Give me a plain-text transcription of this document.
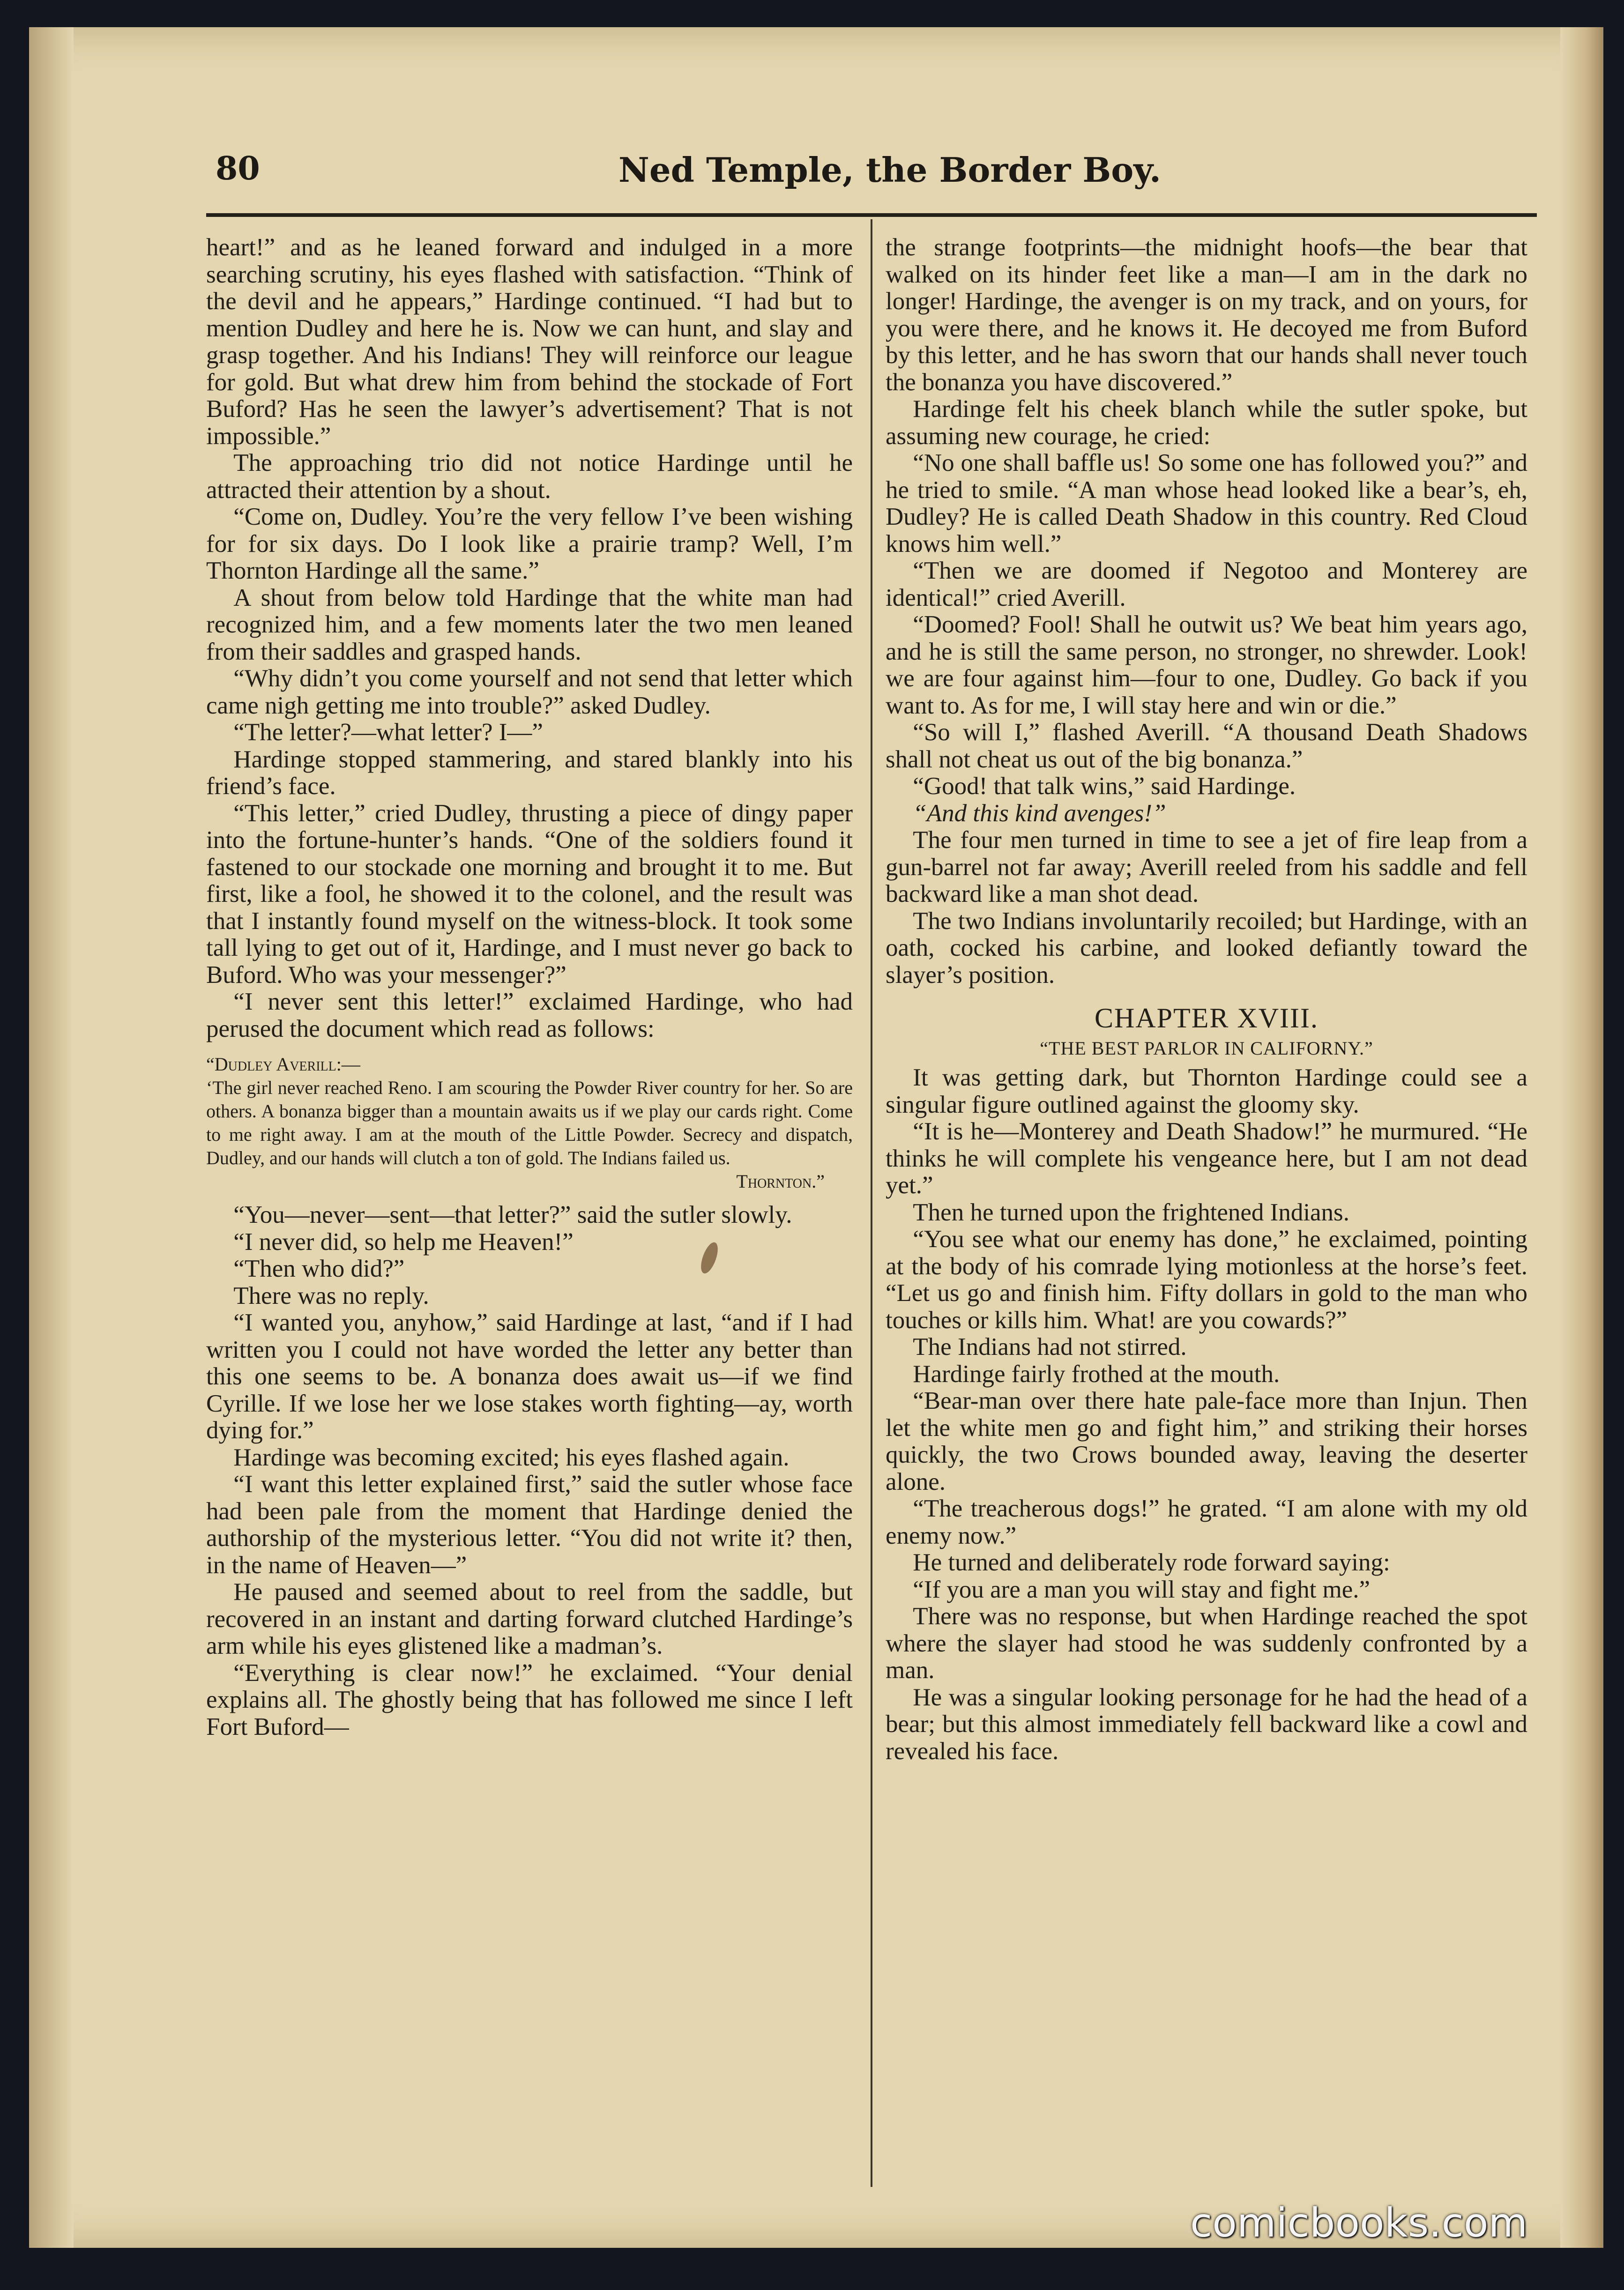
80	Ned Temple, the Border Boy.

heart!” and as he leaned forward and indulged in a more searching scrutiny, his eyes flashed with satisfaction. “Think of the devil and he appears,” Hardinge continued. “I had but to mention Dudley and here he is. Now we can hunt, and slay and grasp together. And his Indians! They will reinforce our league for gold. But what drew him from behind the stockade of Fort Buford? Has he seen the lawyer’s advertisement? That is not impossible.”

The approaching trio did not notice Hardinge until he attracted their attention by a shout.

“Come on, Dudley. You’re the very fellow I’ve been wishing for for six days. Do I look like a prairie tramp? Well, I’m Thornton Hardinge all the same.”

A shout from below told Hardinge that the white man had recognized him, and a few moments later the two men leaned from their saddles and grasped hands.

“Why didn’t you come yourself and not send that letter which came nigh getting me into trouble?” asked Dudley.

“The letter?—what letter? I—”

Hardinge stopped stammering, and stared blankly into his friend’s face.

“This letter,” cried Dudley, thrusting a piece of dingy paper into the fortune-hunter’s hands. “One of the soldiers found it fastened to our stockade one morning and brought it to me. But first, like a fool, he showed it to the colonel, and the result was that I instantly found myself on the witness-block. It took some tall lying to get out of it, Hardinge, and I must never go back to Buford. Who was your messenger?”

“I never sent this letter!” exclaimed Hardinge, who had perused the document which read as follows:

“Dudley Averill:—

‘The girl never reached Reno. I am scouring the Powder River country for her. So are others. A bonanza bigger than a mountain awaits us if we play our cards right. Come to me right away. I am at the mouth of the Little Powder. Secrecy and dispatch, Dudley, and our hands will clutch a ton of gold. The Indians failed us.

Thornton.”

“You—never—sent—that letter?” said the sutler slowly.

“I never did, so help me Heaven!”

“Then who did?”

There was no reply.

“I wanted you, anyhow,” said Hardinge at last, “and if I had written you I could not have worded the letter any better than this one seems to be. A bonanza does await us—if we find Cyrille. If we lose her we lose stakes worth fighting—ay, worth dying for.”

Hardinge was becoming excited; his eyes flashed again.

“I want this letter explained first,” said the sutler whose face had been pale from the moment that Hardinge denied the authorship of the mysterious letter. “You did not write it? then, in the name of Heaven—”

He paused and seemed about to reel from the saddle, but recovered in an instant and darting forward clutched Hardinge’s arm while his eyes glistened like a madman’s.

“Everything is clear now!” he exclaimed. “Your denial explains all. The ghostly being that has followed me since I left Fort Buford—

the strange footprints—the midnight hoofs—the bear that walked on its hinder feet like a man—I am in the dark no longer! Hardinge, the avenger is on my track, and on yours, for you were there, and he knows it. He decoyed me from Buford by this letter, and he has sworn that our hands shall never touch the bonanza you have discovered.”

Hardinge felt his cheek blanch while the sutler spoke, but assuming new courage, he cried:

“No one shall baffle us! So some one has followed you?” and he tried to smile. “A man whose head looked like a bear’s, eh, Dudley? He is called Death Shadow in this country. Red Cloud knows him well.”

“Then we are doomed if Negotoo and Monterey are identical!” cried Averill.

“Doomed? Fool! Shall he outwit us? We beat him years ago, and he is still the same person, no stronger, no shrewder. Look! we are four against him—four to one, Dudley. Go back if you want to. As for me, I will stay here and win or die.”

“So will I,” flashed Averill. “A thousand Death Shadows shall not cheat us out of the big bonanza.”

“Good! that talk wins,” said Hardinge.

“And this kind avenges!”

The four men turned in time to see a jet of fire leap from a gun-barrel not far away; Averill reeled from his saddle and fell backward like a man shot dead.

The two Indians involuntarily recoiled; but Hardinge, with an oath, cocked his carbine, and looked defiantly toward the slayer’s position.

CHAPTER XVIII.
“THE BEST PARLOR IN CALIFORNY.”

It was getting dark, but Thornton Hardinge could see a singular figure outlined against the gloomy sky.

“It is he—Monterey and Death Shadow!” he murmured. “He thinks he will complete his vengeance here, but I am not dead yet.”

Then he turned upon the frightened Indians.

“You see what our enemy has done,” he exclaimed, pointing at the body of his comrade lying motionless at the horse’s feet. “Let us go and finish him. Fifty dollars in gold to the man who touches or kills him. What! are you cowards?”

The Indians had not stirred.

Hardinge fairly frothed at the mouth.

“Bear-man over there hate pale-face more than Injun. Then let the white men go and fight him,” and striking their horses quickly, the two Crows bounded away, leaving the deserter alone.

“The treacherous dogs!” he grated. “I am alone with my old enemy now.”

He turned and deliberately rode forward saying:

“If you are a man you will stay and fight me.”

There was no response, but when Hardinge reached the spot where the slayer had stood he was suddenly confronted by a man.

He was a singular looking personage for he had the head of a bear; but this almost immediately fell backward like a cowl and revealed his face.

comicbooks.com
